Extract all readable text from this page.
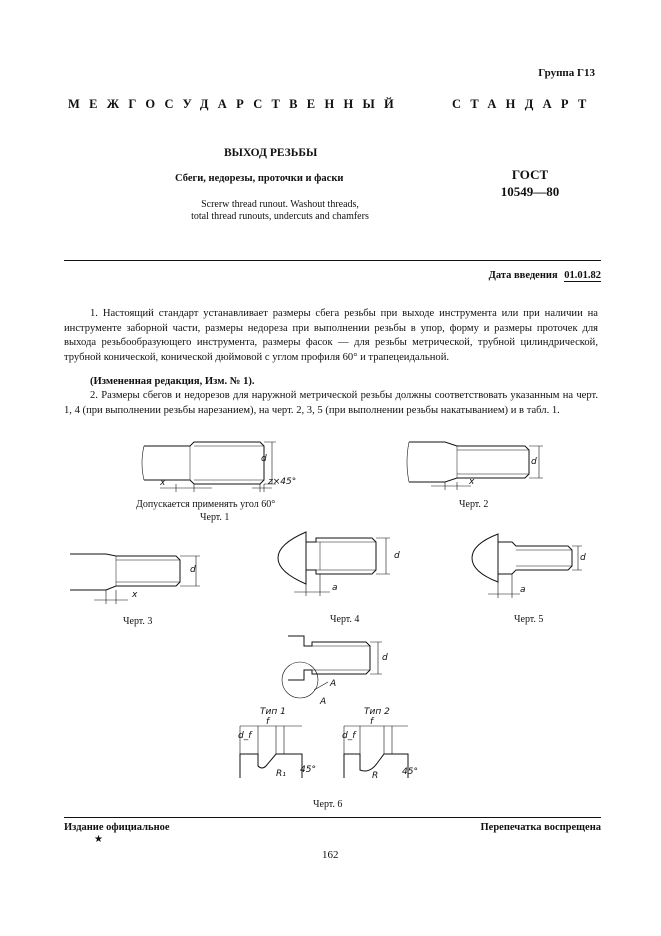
Группа Г13
МЕЖГОСУДАРСТВЕННЫЙ	СТАНДАРТ
ВЫХОД РЕЗЬБЫ
Сбеги, недорезы, проточки и фаски
Screrw thread runout. Washout threads,
total thread runouts, undercuts and chamfers
ГОСТ
10549—80
Дата введения 01.01.82
1. Настоящий стандарт устанавливает размеры сбега резьбы при выходе инструмента или при наличии на инструменте заборной части, размеры недореза при выполнении резьбы в упор, форму и размеры проточек для выхода резьбообразующего инструмента, размеры фасок — для резьбы метрической, трубной цилиндрической, трубной конической, конической дюймовой с углом профиля 60° и трапецеидальной.
(Измененная редакция, Изм. № 1).
2. Размеры сбегов и недорезов для наружной метрической резьбы должны соответствовать указанным на черт. 1, 4 (при выполнении резьбы нарезанием), на черт. 2, 3, 5 (при выполнении резьбы накатыванием) и в табл. 1.
d
x	z×45°
Допускается применять угол 60°
Черт. 1
d
x
Черт. 2
d
x
Черт. 3
d
a
Черт. 4
d
a
Черт. 5
d
A
A
Тип 1
d_f
f
R₁ 45°
Тип 2
d_f
f
R	45°
Черт. 6
Издание официальное
★
Перепечатка воспрещена
162
